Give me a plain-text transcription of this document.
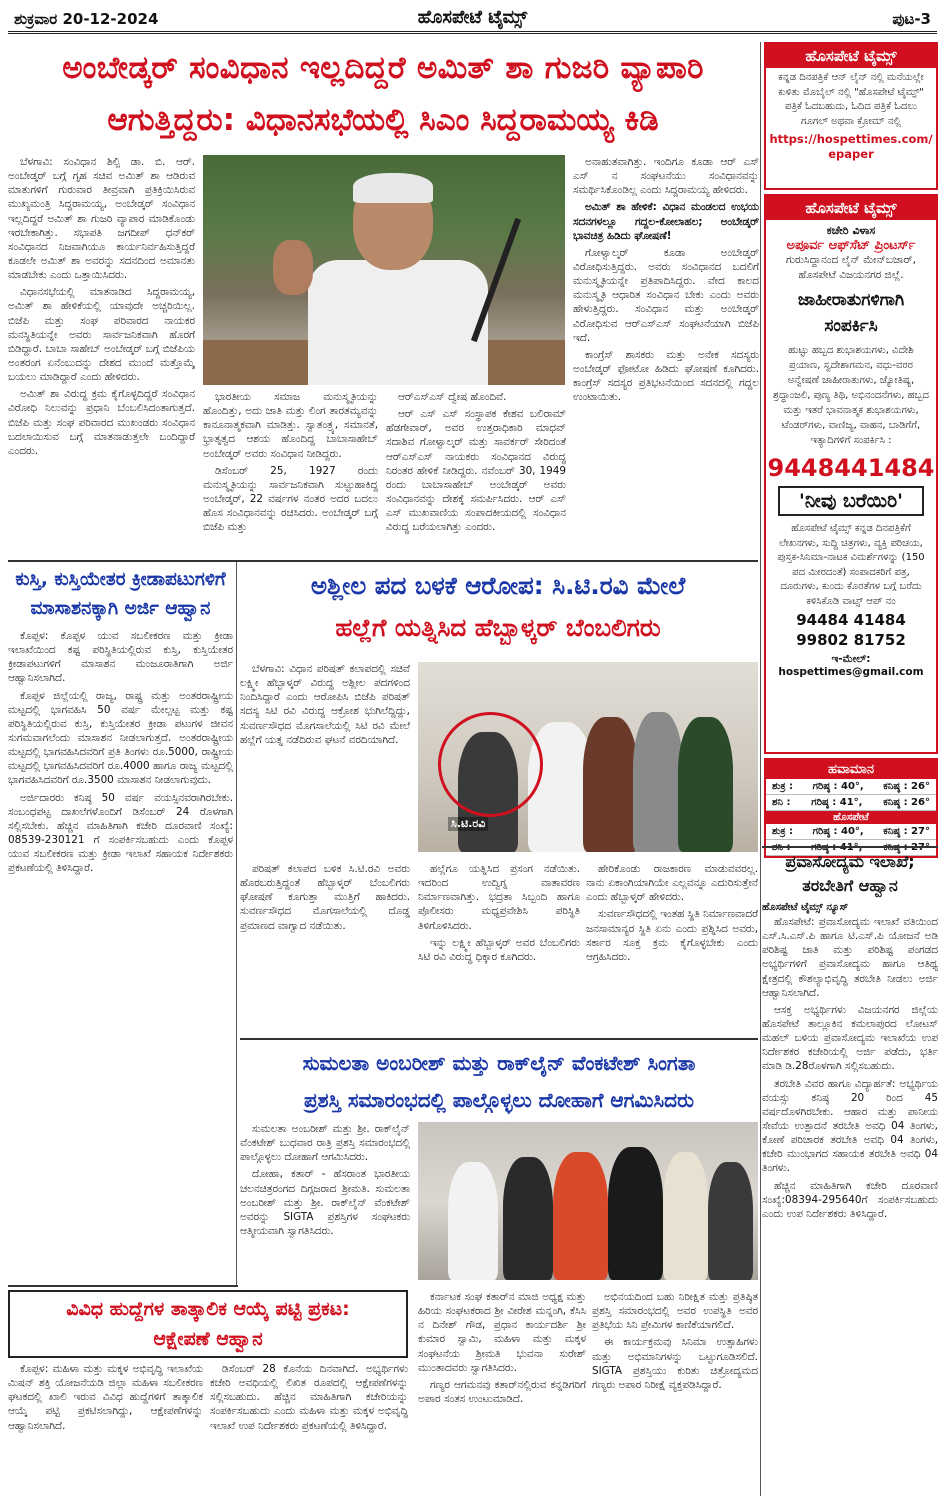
ಶುಕ್ರವಾರ 20-12-2024	ಹೊಸಪೇಟೆ ಟೈಮ್ಸ್	ಪುಟ-3
ಅಂಬೇಡ್ಕರ್ ಸಂವಿಧಾನ ಇಲ್ಲದಿದ್ದರೆ ಅಮಿತ್ ಶಾ ಗುಜರಿ ವ್ಯಾಪಾರಿ
ಆಗುತ್ತಿದ್ದರು: ವಿಧಾನಸಭೆಯಲ್ಲಿ ಸಿಎಂ ಸಿದ್ದರಾಮಯ್ಯ ಕಿಡಿ

ಬೆಳಗಾವಿ: ಸಂವಿಧಾನ ಶಿಲ್ಪಿ ಡಾ. ಬಿ. ಆರ್. ಅಂಬೇಡ್ಕರ್ ಬಗ್ಗೆ ಗೃಹ ಸಚಿವ ಅಮಿತ್ ಶಾ ಆಡಿರುವ ಮಾತುಗಳಿಗೆ ಗುರುವಾರ ತೀವ್ರವಾಗಿ ಪ್ರತಿಕ್ರಿಯಿಸಿರುವ ಮುಖ್ಯಮಂತ್ರಿ ಸಿದ್ದರಾಮಯ್ಯ, ಅಂಬೇಡ್ಕರ್ ಸಂವಿಧಾನ ಇಲ್ಲದಿದ್ದರೆ ಅಮಿತ್ ಶಾ ಗುಜರಿ ವ್ಯಾಪಾರ ಮಾಡಿಕೊಂಡು ಇರಬೇಕಾಗಿತ್ತು. ಸಭಾಪತಿ ಜಗದೀಪ್ ಧನ್‌ಕರ್ ಸಂವಿಧಾನದ ನಿಜವಾಗಿಯೂ ಕಾರ್ಯನಿರ್ವಹಿಸುತ್ತಿದ್ದರೆ ಕೂಡಲೇ ಅಮಿತ್ ಶಾ ಅವರನ್ನು ಸದನದಿಂದ ಅಮಾನತು ಮಾಡಬೇಕು ಎಂದು ಒತ್ತಾಯಿಸಿದರು.

ವಿಧಾನಸಭೆಯಲ್ಲಿ ಮಾತನಾಡಿದ ಸಿದ್ದರಾಮಯ್ಯ, ಅಮಿತ್ ಶಾ ಹೇಳಿಕೆಯಲ್ಲಿ ಯಾವುದೇ ಅಚ್ಚರಿಯಿಲ್ಲ. ಬಿಜೆಪಿ ಮತ್ತು ಸಂಘ ಪರಿವಾರದ ನಾಯಕರ ಮನಸ್ಥಿತಿಯನ್ನೇ ಅವರು ಸಾರ್ವಜನಿಕವಾಗಿ ಹೊರಗೆ ಬಿಡಿದ್ದಾರೆ. ಬಾಬಾ ಸಾಹೇಬ್ ಅಂಬೇಡ್ಕರ್ ಬಗ್ಗೆ ಬಿಜೆಪಿಯ ಅಂತರಂಗ ಏನೆಂಬುದನ್ನು ದೇಶದ ಮುಂದೆ ಮತ್ತೊಮ್ಮೆ ಬಯಲು ಮಾಡಿದ್ದಾರೆ ಎಂದು ಹೇಳಿದರು.

ಅಮಿತ್ ಶಾ ವಿರುದ್ಧ ಕ್ರಮ ಕೈಗೊಳ್ಳದಿದ್ದರೆ ಸಂವಿಧಾನ ವಿರೋಧಿ ನಿಲುವನ್ನು ಪ್ರಧಾನಿ ಬೆಂಬಲಿಸಿದಂತಾಗುತ್ತದೆ. ಬಿಜೆಪಿ ಮತ್ತು ಸಂಘ ಪರಿವಾರದ ಮುಖಂಡರು ಸಂವಿಧಾನ ಬದಲಾಯಿಸುವ ಬಗ್ಗೆ ಮಾತನಾಡುತ್ತಲೇ ಬಂದಿದ್ದಾರೆ ಎಂದರು.

ಭಾರತೀಯ ಸಮಾಜ ಮನುಸ್ಮೃತಿಯನ್ನು ಹೊಂದಿತ್ತು, ಅದು ಜಾತಿ ಮತ್ತು ಲಿಂಗ ತಾರತಮ್ಯವನ್ನು ಕಾನೂನಾತ್ಮಕವಾಗಿ ಮಾಡಿತ್ತು. ಸ್ವಾತಂತ್ರ್ಯ, ಸಮಾನತೆ, ಭ್ರಾತೃತ್ವದ ಆಶಯ ಹೊಂದಿದ್ದ ಬಾಬಾಸಾಹೇಬ್ ಅಂಬೇಡ್ಕರ್ ಅವರು ಸಂವಿಧಾನ ನೀಡಿದ್ದರು.

ಡಿಸೆಂಬರ್ 25, 1927 ರಂದು ಮನುಸ್ಮೃತಿಯನ್ನು ಸಾರ್ವಜನಿಕವಾಗಿ ಸುಟ್ಟುಹಾಕಿದ್ದ ಅಂಬೇಡ್ಕರ್, 22 ವರ್ಷಗಳ ನಂತರ ಅದರ ಬದಲು ಹೊಸ ಸಂವಿಧಾನವನ್ನು ರಚಿಸಿದರು. ಅಂಬೇಡ್ಕರ್ ಬಗ್ಗೆ ಬಿಜೆಪಿ ಮತ್ತು

ಆರ್‌ಎಸ್‌ಎಸ್ ದ್ವೇಷ ಹೊಂದಿವೆ.

ಆರ್ ಎಸ್ ಎಸ್ ಸಂಸ್ಥಾಪಕ ಕೇಶವ ಬಲಿರಾಮ್ ಹೆಡಗೇವಾರ್, ಅವರ ಉತ್ತರಾಧಿಕಾರಿ ಮಾಧವ್ ಸದಾಶಿವ ಗೋಳ್ವಾಲ್ಕರ್ ಮತ್ತು ಸಾವರ್ಕರ್ ಸೇರಿದಂತೆ ಆರ್‌ಎಸ್‌ಎಸ್ ನಾಯಕರು ಸಂವಿಧಾನದ ವಿರುದ್ಧ ನಿರಂತರ ಹೇಳಿಕೆ ನೀಡಿದ್ದರು. ನವೆಂಬರ್ 30, 1949 ರಂದು ಬಾಬಾಸಾಹೇಬ್ ಅಂಬೇಡ್ಕರ್ ಅವರು ಸಂವಿಧಾನವನ್ನು ದೇಶಕ್ಕೆ ಸಮರ್ಪಿಸಿದರು. ಆರ್ ಎಸ್ ಎಸ್ ಮುಖವಾಣಿಯ ಸಂಪಾದಕೀಯದಲ್ಲಿ ಸಂವಿಧಾನ ವಿರುದ್ಧ ಬರೆಯಲಾಗಿತ್ತು ಎಂದರು.

ಅನಾಹುತವಾಗಿತ್ತು. ಇಂದಿಗೂ ಕೂಡಾ ಆರ್ ಎಸ್ ಎಸ್ ನ ಸಂಘಟನೆಯು ಸಂವಿಧಾನವನ್ನು ಸಮರ್ಥಿಸಿಕೊಂಡಿಲ್ಲ ಎಂದು ಸಿದ್ದರಾಮಯ್ಯ ಹೇಳಿದರು.

ಅಮಿತ್ ಶಾ ಹೇಳಿಕೆ: ವಿಧಾನ ಮಂಡಲದ ಉಭಯ ಸದನಗಳಲ್ಲೂ ಗದ್ದಲ-ಕೋಲಾಹಲ; ಅಂಬೇಡ್ಕರ್ ಭಾವಚಿತ್ರ ಹಿಡಿದು ಘೋಷಣೆ!

ಗೋಳ್ವಾಲ್ಕರ್ ಕೂಡಾ ಅಂಬೇಡ್ಕರ್ ವಿರೋಧಿಸುತ್ತಿದ್ದರು. ಅವರು ಸಂವಿಧಾನದ ಬದಲಿಗೆ ಮನುಸ್ಮೃತಿಯನ್ನೇ ಪ್ರತಿಪಾದಿಸಿದ್ದರು. ವೇದ ಕಾಲದ ಮನುಸ್ಮೃತಿ ಆಧಾರಿತ ಸಂವಿಧಾನ ಬೇಕು ಎಂದು ಅವರು ಹೇಳುತ್ತಿದ್ದರು. ಸಂವಿಧಾನ ಮತ್ತು ಅಂಬೇಡ್ಕರ್ ವಿರೋಧಿಸುವ ಆರ್‌ಎಸ್‌ಎಸ್ ಸಂಘಟನೆಯಾಗಿ ಬಿಜೆಪಿ ಇದೆ.

ಕಾಂಗ್ರೆಸ್ ಶಾಸಕರು ಮತ್ತು ಅನೇಕ ಸದಸ್ಯರು ಅಂಬೇಡ್ಕರ್ ಫೋಟೋ ಹಿಡಿದು ಘೋಷಣೆ ಕೂಗಿದರು. ಕಾಂಗ್ರೆಸ್ ಸದಸ್ಯರ ಪ್ರತಿಭಟನೆಯಿಂದ ಸದನದಲ್ಲಿ ಗದ್ದಲ ಉಂಟಾಯಿತು.

ಹೊಸಪೇಟೆ ಟೈಮ್ಸ್
ಕನ್ನಡ ದಿನಪತ್ರಿಕೆ ಆನ್ ಲೈನ್ ನಲ್ಲಿ ಮನೆಯಲ್ಲೇ ಕುಳಿತು ಮೊಬೈಲ್ ನಲ್ಲಿ "ಹೊಸಪೇಟೆ ಟೈಮ್ಸ್" ಪತ್ರಿಕೆ ಓದಬಹುದು, ಓದಿದ ಪತ್ರಿಕೆ ಓದಲು ಗೂಗಲ್ ಅಥವಾ ಕ್ರೋಮ್ ನಲ್ಲಿ
https://hospettimes.com/
epaper
ಹೊಸಪೇಟೆ ಟೈಮ್ಸ್
ಕಚೇರಿ ವಿಳಾಸ
ಅಪೂರ್ವ ಆಫ್‌ಸೆಟ್ ಪ್ರಿಂಟರ್ಸ್
ಗುರುಸಿದ್ದಾನಂದ ಲೈನ್ ಮೇನ್‌ಬಜಾರ್, ಹೊಸಪೇಟೆ ವಿಜಯನಗರ ಜಿಲ್ಲೆ.
ಜಾಹೀರಾತುಗಳಿಗಾಗಿ
ಸಂಪರ್ಕಿಸಿ
ಹುಟ್ಟು ಹಬ್ಬದ ಶುಭಾಶಯಗಳು, ವಿದೇಶಿ ಪ್ರಯಾಣ, ಸ್ವದೇಶಾಗಮನ, ವಧು-ವರರ ಅನ್ವೇಷಣೆ ಜಾಹೀರಾತುಗಳು, ಜ್ಯೋತಿಷ್ಯ, ಶ್ರದ್ಧಾಂಜಲಿ, ಪುಣ್ಯ ತಿಥಿ, ಅಭಿನಂದನೆಗಳು, ಹಬ್ಬದ ಮತ್ತು ಇತರೆ ಭಾವನಾತ್ಮಕ ಶುಭಾಶಯಗಳು, ಟೆಂಡರ್‌ಗಳು, ವಾಣಿಜ್ಯ, ವಾಹನ, ಬಾಡಿಗೆಗೆ, ಇತ್ಯಾದಿಗಳಿಗೆ ಸಂಪರ್ಕಿಸಿ :
9448441484
'ನೀವು ಬರೆಯಿರಿ'
ಹೊಸಪೇಟೆ ಟೈಮ್ಸ್ ಕನ್ನಡ ದಿನಪತ್ರಿಕೆಗೆ ಲೇಖನಗಳು, ಸುದ್ದಿ ಚಿತ್ರಗಳು, ವ್ಯಕ್ತಿ ಪರಿಚಯ, ಪುಸ್ತಕ-ಸಿನಿಮಾ-ನಾಟಕ ವಿಮರ್ಶೆಗಳನ್ನು (150 ಪದ ಮೀರದಂತೆ) ಸಂಪಾದಕರಿಗೆ ಪತ್ರ, ದೂರುಗಳು, ಕುಂದು ಕೊರತೆಗಳ ಬಗ್ಗೆ ಬರೆದು ಕಳಿಸಿಕೊಡಿ ವಾಟ್ಸ್ ಆಪ್ ನಂ
94484 41484
99802 81752
ಇ-ಮೇಲ್: hospettimes@gmail.com
ಹವಾಮಾನ
ಶುಕ್ರ : ಗರಿಷ್ಠ : 40°, ಕನಿಷ್ಠ : 26°
ಶನಿ : ಗರಿಷ್ಠ : 41°, ಕನಿಷ್ಠ : 26°
ಹೊಸಪೇಟೆ
ಶುಕ್ರ : ಗರಿಷ್ಠ : 40°, ಕನಿಷ್ಠ : 27°
ಕುಸ್ತಿ, ಕುಸ್ತಿಯೇತರ ಕ್ರೀಡಾಪಟುಗಳಿಗೆ ಮಾಸಾಶನಕ್ಕಾಗಿ ಅರ್ಜಿ ಆಹ್ವಾನ

ಕೊಪ್ಪಳ: ಕೊಪ್ಪಳ ಯುವ ಸಬಲೀಕರಣ ಮತ್ತು ಕ್ರೀಡಾ ಇಲಾಖೆಯಿಂದ ಕಷ್ಟ ಪರಿಸ್ಥಿತಿಯಲ್ಲಿರುವ ಕುಸ್ತಿ, ಕುಸ್ತಿಯೇತರ ಕ್ರೀಡಾಪಟುಗಳಿಗೆ ಮಾಸಾಶನ ಮಂಜೂರಾತಿಗಾಗಿ ಅರ್ಜಿ ಆಹ್ವಾನಿಸಲಾಗಿದೆ.

ಕೊಪ್ಪಳ ಜಿಲ್ಲೆಯಲ್ಲಿ ರಾಜ್ಯ, ರಾಷ್ಟ್ರ ಮತ್ತು ಅಂತರರಾಷ್ಟ್ರೀಯ ಮಟ್ಟದಲ್ಲಿ ಭಾಗವಹಿಸಿ 50 ವರ್ಷ ಮೇಲ್ಪಟ್ಟ ಮತ್ತು ಕಷ್ಟ ಪರಿಸ್ಥಿತಿಯಲ್ಲಿರುವ ಕುಸ್ತಿ, ಕುಸ್ತಿಯೇತರ ಕ್ರೀಡಾ ಪಟುಗಳ ಜೀವನ ಸುಗಮವಾಗಲೆಂದು ಮಾಸಾಶನ ನೀಡಲಾಗುತ್ತದೆ. ಅಂತರರಾಷ್ಟ್ರೀಯ ಮಟ್ಟದಲ್ಲಿ ಭಾಗವಹಿಸಿದವರಿಗೆ ಪ್ರತಿ ತಿಂಗಳು ರೂ.5000, ರಾಷ್ಟ್ರೀಯ ಮಟ್ಟದಲ್ಲಿ ಭಾಗವಹಿಸಿದವರಿಗೆ ರೂ.4000 ಹಾಗೂ ರಾಜ್ಯ ಮಟ್ಟದಲ್ಲಿ ಭಾಗವಹಿಸಿದವರಿಗೆ ರೂ.3500 ಮಾಸಾಶನ ನೀಡಲಾಗುವುದು.

ಅರ್ಜಿದಾರರು ಕನಿಷ್ಠ 50 ವರ್ಷ ವಯಸ್ಸಿನವರಾಗಿರಬೇಕು. ಸಂಬಂಧಪಟ್ಟ ದಾಖಲೆಗಳೊಂದಿಗೆ ಡಿಸೆಂಬರ್ 24 ರೊಳಗಾಗಿ ಸಲ್ಲಿಸಬೇಕು. ಹೆಚ್ಚಿನ ಮಾಹಿತಿಗಾಗಿ ಕಚೇರಿ ದೂರವಾಣಿ ಸಂಖ್ಯೆ: 08539-230121 ಗೆ ಸಂಪರ್ಕಿಸಬಹುದು ಎಂದು ಕೊಪ್ಪಳ ಯುವ ಸಬಲೀಕರಣ ಮತ್ತು ಕ್ರೀಡಾ ಇಲಾಖೆ ಸಹಾಯಕ ನಿರ್ದೇಶಕರು ಪ್ರಕಟಣೆಯಲ್ಲಿ ತಿಳಿಸಿದ್ದಾರೆ.

ಅಶ್ಲೀಲ ಪದ ಬಳಕೆ ಆರೋಪ: ಸಿ.ಟಿ.ರವಿ ಮೇಲೆ
ಹಲ್ಲೆಗೆ ಯತ್ನಿಸಿದ ಹೆಬ್ಬಾಳ್ಕರ್ ಬೆಂಬಲಿಗರು

ಬೆಳಗಾವಿ: ವಿಧಾನ ಪರಿಷತ್ ಕಲಾಪದಲ್ಲಿ ಸಚಿವೆ ಲಕ್ಷ್ಮೀ ಹೆಬ್ಬಾಳ್ಕರ್ ವಿರುದ್ಧ ಅಶ್ಲೀಲ ಪದಗಳಿಂದ ನಿಂದಿಸಿದ್ದಾರೆ ಎಂದು ಆರೋಪಿಸಿ ಬಿಜೆಪಿ ಪರಿಷತ್ ಸದಸ್ಯ ಸಿಟಿ ರವಿ ವಿರುದ್ಧ ಆಕ್ರೋಶ ಭುಗಿಲೆದ್ದಿದ್ದು, ಸುವರ್ಣಸೌಧದ ಮೊಗಸಾಲೆಯಲ್ಲಿ ಸಿಟಿ ರವಿ ಮೇಲೆ ಹಲ್ಲೆಗೆ ಯತ್ನ ನಡೆದಿರುವ ಘಟನೆ ವರದಿಯಾಗಿದೆ.

ಸಿ.ಟಿ.ರವಿ

ಪರಿಷತ್ ಕಲಾಪದ ಬಳಿಕ ಸಿ.ಟಿ.ರವಿ ಅವರು ಹೊರಬರುತ್ತಿದ್ದಂತೆ ಹೆಬ್ಬಾಳ್ಕರ್ ಬೆಂಬಲಿಗರು ಘೋಷಣೆ ಕೂಗುತ್ತಾ ಮುತ್ತಿಗೆ ಹಾಕಿದರು. ಸುವರ್ಣಸೌಧದ ಮೊಗಸಾಲೆಯಲ್ಲಿ ದೊಡ್ಡ ಪ್ರಮಾಣದ ವಾಗ್ವಾದ ನಡೆಯಿತು.

ಹಲ್ಲೆಗೂ ಯತ್ನಿಸಿದ ಪ್ರಸಂಗ ನಡೆಯಿತು. ಇದರಿಂದ ಉದ್ವಿಗ್ನ ವಾತಾವರಣ ನಿರ್ಮಾಣವಾಗಿತ್ತು. ಭದ್ರತಾ ಸಿಬ್ಬಂದಿ ಹಾಗೂ ಪೊಲೀಸರು ಮಧ್ಯಪ್ರವೇಶಿಸಿ ಪರಿಸ್ಥಿತಿ ತಿಳಿಗೊಳಿಸಿದರು.

ಇನ್ನು ಲಕ್ಷ್ಮೀ ಹೆಬ್ಬಾಳ್ಕರ್ ಅವರ ಬೆಂಬಲಿಗರು ಸಿಟಿ ರವಿ ವಿರುದ್ಧ ಧಿಕ್ಕಾರ ಕೂಗಿದರು.

ಹೇರಿಕೊಂಡು ರಾಜಕಾರಣ ಮಾಡುವವರಲ್ಲ. ನಾನು ಏಕಾಂಗಿಯಾಗಿಯೇ ಎಲ್ಲವನ್ನೂ ಎದುರಿಸುತ್ತೇನೆ ಎಂದು ಹೆಬ್ಬಾಳ್ಕರ್ ಹೇಳಿದರು.

ಸುವರ್ಣಸೌಧದಲ್ಲಿ ಇಂತಹ ಸ್ಥಿತಿ ನಿರ್ಮಾಣವಾದರೆ ಜನಸಾಮಾನ್ಯರ ಸ್ಥಿತಿ ಏನು ಎಂದು ಪ್ರಶ್ನಿಸಿದ ಅವರು, ಸರ್ಕಾರ ಸೂಕ್ತ ಕ್ರಮ ಕೈಗೊಳ್ಳಬೇಕು ಎಂದು ಆಗ್ರಹಿಸಿದರು.

ಪ್ರವಾಸೋದ್ಯಮ ಇಲಾಖೆ; ತರಬೇತಿಗೆ ಆಹ್ವಾನ
ಹೊಸಪೇಟೆ ಟೈಮ್ಸ್ ನ್ಯೂಸ್

ಹೊಸಪೇಟೆ: ಪ್ರವಾಸೋದ್ಯಮ ಇಲಾಖೆ ವತಿಯಿಂದ ಎಸ್.ಸಿ.ಎಸ್.ಪಿ ಹಾಗೂ ಟಿ.ಎಸ್.ಪಿ ಯೋಜನೆ ಅಡಿ ಪರಿಶಿಷ್ಟ ಜಾತಿ ಮತ್ತು ಪರಿಶಿಷ್ಟ ಪಂಗಡದ ಅಭ್ಯರ್ಥಿಗಳಿಗೆ ಪ್ರವಾಸೋದ್ಯಮ ಹಾಗೂ ಆತಿಥ್ಯ ಕ್ಷೇತ್ರದಲ್ಲಿ ಕೌಶಲ್ಯಾಭಿವೃದ್ಧಿ ತರಬೇತಿ ನೀಡಲು ಅರ್ಜಿ ಆಹ್ವಾನಿಸಲಾಗಿದೆ.

ಆಸಕ್ತ ಅಭ್ಯರ್ಥಿಗಳು ವಿಜಯನಗರ ಜಿಲ್ಲೆಯ ಹೊಸಪೇಟೆ ತಾಲ್ಲೂಕಿನ ಕಮಲಾಪುರದ ಲೋಟಸ್ ಮಹಲ್ ಬಳಿಯ ಪ್ರವಾಸೋದ್ಯಮ ಇಲಾಖೆಯ ಉಪ ನಿರ್ದೇಶಕರ ಕಚೇರಿಯಲ್ಲಿ ಅರ್ಜಿ ಪಡೆದು, ಭರ್ತಿ ಮಾಡಿ ಡಿ.28ರೊಳಗಾಗಿ ಸಲ್ಲಿಸಬಹುದು.

ತರಬೇತಿ ವಿವರ ಹಾಗೂ ವಿದ್ಯಾರ್ಹತೆ: ಅಭ್ಯರ್ಥಿಯ ವಯಸ್ಸು ಕನಿಷ್ಠ 20 ರಿಂದ 45 ವರ್ಷದೊಳಗಿರಬೇಕು. ಆಹಾರ ಮತ್ತು ಪಾನೀಯ ಸೇವೆಯ ಉತ್ಪಾದನೆ ತರಬೇತಿ ಅವಧಿ 04 ತಿಂಗಳು, ಕೋಣೆ ಪರಿಚಾರಕ ತರಬೇತಿ ಅವಧಿ 04 ತಿಂಗಳು, ಕಚೇರಿ ಮುಂಭಾಗದ ಸಹಾಯಕ ತರಬೇತಿ ಅವಧಿ 04 ತಿಂಗಳು.

ಹೆಚ್ಚಿನ ಮಾಹಿತಿಗಾಗಿ ಕಚೇರಿ ದೂರವಾಣಿ ಸಂಖ್ಯೆ:08394-295640ಗೆ ಸಂಪರ್ಕಿಸಬಹುದು ಎಂದು ಉಪ ನಿರ್ದೇಶಕರು ತಿಳಿಸಿದ್ದಾರೆ.

ಸುಮಲತಾ ಅಂಬರೀಶ್ ಮತ್ತು ರಾಕ್‌ಲೈನ್ ವೆಂಕಟೇಶ್ ಸಿಂಗತಾ
ಪ್ರಶಸ್ತಿ ಸಮಾರಂಭದಲ್ಲಿ ಪಾಲ್ಗೊಳ್ಳಲು ದೋಹಾಗೆ ಆಗಮಿಸಿದರು

ಸುಮಲತಾ ಅಂಬರೀಶ್ ಮತ್ತು ಶ್ರೀ. ರಾಕ್‌ಲೈನ್ ವೆಂಕಟೇಶ್ ಬುಧವಾರ ರಾತ್ರಿ ಪ್ರಶಸ್ತಿ ಸಮಾರಂಭದಲ್ಲಿ ಪಾಲ್ಗೊಳ್ಳಲು ದೋಹಾಗೆ ಆಗಮಿಸಿದರು.

ದೋಹಾ, ಕತಾರ್ - ಹೆಸರಾಂತ ಭಾರತೀಯ ಚಲನಚಿತ್ರರಂಗದ ದಿಗ್ಗಜರಾದ ಶ್ರೀಮತಿ. ಸುಮಲತಾ ಅಂಬರೀಶ್ ಮತ್ತು ಶ್ರೀ. ರಾಕ್‌ಲೈನ್ ವೆಂಕಟೇಶ್ ಅವರನ್ನು SIGTA ಪ್ರಶಸ್ತಿಗಳ ಸಂಘಟಕರು ಆತ್ಮೀಯವಾಗಿ ಸ್ವಾಗತಿಸಿದರು.

ವಿವಿಧ ಹುದ್ದೆಗಳ ತಾತ್ಕಾಲಿಕ ಆಯ್ಕೆ ಪಟ್ಟಿ ಪ್ರಕಟ:
ಆಕ್ಷೇಪಣೆ ಆಹ್ವಾನ

ಕೊಪ್ಪಳ: ಮಹಿಳಾ ಮತ್ತು ಮಕ್ಕಳ ಅಭಿವೃದ್ಧಿ ಇಲಾಖೆಯ ಮಿಷನ್ ಶಕ್ತಿ ಯೋಜನೆಯಡಿ ಜಿಲ್ಲಾ ಮಹಿಳಾ ಸಬಲೀಕರಣ ಘಟಕದಲ್ಲಿ ಖಾಲಿ ಇರುವ ವಿವಿಧ ಹುದ್ದೆಗಳಿಗೆ ತಾತ್ಕಾಲಿಕ ಆಯ್ಕೆ ಪಟ್ಟಿ ಪ್ರಕಟಿಸಲಾಗಿದ್ದು, ಆಕ್ಷೇಪಣೆಗಳನ್ನು ಆಹ್ವಾನಿಸಲಾಗಿದೆ.

ಡಿಸೆಂಬರ್ 28 ಕೊನೆಯ ದಿನವಾಗಿದೆ. ಅಭ್ಯರ್ಥಿಗಳು ಕಚೇರಿ ಅವಧಿಯಲ್ಲಿ ಲಿಖಿತ ರೂಪದಲ್ಲಿ ಆಕ್ಷೇಪಣೆಗಳನ್ನು ಸಲ್ಲಿಸಬಹುದು. ಹೆಚ್ಚಿನ ಮಾಹಿತಿಗಾಗಿ ಕಚೇರಿಯನ್ನು ಸಂಪರ್ಕಿಸಬಹುದು ಎಂದು ಮಹಿಳಾ ಮತ್ತು ಮಕ್ಕಳ ಅಭಿವೃದ್ಧಿ ಇಲಾಖೆ ಉಪ ನಿರ್ದೇಶಕರು ಪ್ರಕಟಣೆಯಲ್ಲಿ ತಿಳಿಸಿದ್ದಾರೆ.

ಕರ್ನಾಟಕ ಸಂಘ ಕತಾರ್‌ನ ಮಾಜಿ ಅಧ್ಯಕ್ಷ ಮತ್ತು ಹಿರಿಯ ಸಂಘಟಕರಾದ ಶ್ರೀ ವೀರೇಶ ಮನ್ನಂಗಿ, ಕೆಸಿಸಿ ನ ದಿನೇಶ್ ಗೌಡ, ಪ್ರಧಾನ ಕಾರ್ಯದರ್ಶಿ ಶ್ರೀ ಕುಮಾರ ಸ್ವಾಮಿ, ಮಹಿಳಾ ಮತ್ತು ಮಕ್ಕಳ ಸಂಘಟನೆಯ ಶ್ರೀಮತಿ ಭುವನಾ ಸುರೇಶ್ ಮುಂತಾದವರು ಸ್ವಾಗತಿಸಿದರು.

ಗಣ್ಯರ ಆಗಮನವು ಕತಾರ್‌ನಲ್ಲಿರುವ ಕನ್ನಡಿಗರಿಗೆ ಅಪಾರ ಸಂತಸ ಉಂಟುಮಾಡಿದೆ.

ಅಭಿನಯದಿಂದ ಬಹು ನಿರೀಕ್ಷಿತ ಮತ್ತು ಪ್ರತಿಷ್ಠಿತ ಪ್ರಶಸ್ತಿ ಸಮಾರಂಭದಲ್ಲಿ ಅವರ ಉಪಸ್ಥಿತಿ ಅವರ ಪ್ರತಿಭೆಯ ಸಿನಿ ಪ್ರೇಮಿಗಳ ಕಾಣಿಕೆಯಾಗಲಿದೆ.

ಈ ಕಾರ್ಯಕ್ರಮವು ಸಿನಿಮಾ ಉತ್ಸಾಹಿಗಳು ಮತ್ತು ಅಭಿಮಾನಿಗಳನ್ನು ಒಟ್ಟುಗೂಡಿಸಲಿದೆ. SIGTA ಪ್ರಶಸ್ತಿಯು ಕುರಿತು ಚಿತ್ರೋದ್ಯಮದ ಗಣ್ಯರು ಅಪಾರ ನಿರೀಕ್ಷೆ ವ್ಯಕ್ತಪಡಿಸಿದ್ದಾರೆ.
